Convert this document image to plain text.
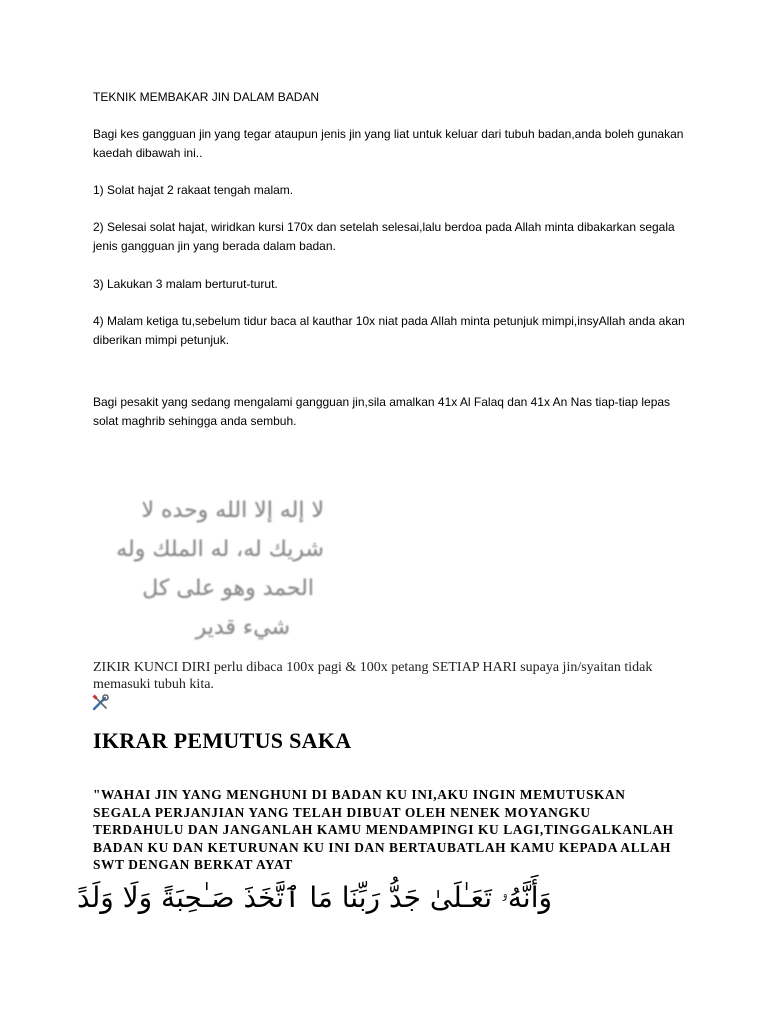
TEKNIK MEMBAKAR JIN DALAM BADAN

Bagi kes gangguan jin yang tegar ataupun jenis jin yang liat untuk keluar dari tubuh badan,anda boleh gunakan kaedah dibawah ini..

1) Solat hajat 2 rakaat tengah malam.

2) Selesai solat hajat, wiridkan kursi 170x dan setelah selesai,lalu berdoa pada Allah minta dibakarkan segala jenis gangguan jin yang berada dalam badan.

3) Lakukan 3 malam berturut-turut.

4) Malam ketiga tu,sebelum tidur baca al kauthar 10x niat pada Allah minta petunjuk mimpi,insyAllah anda akan diberikan mimpi petunjuk.

Bagi pesakit yang sedang mengalami gangguan jin,sila amalkan 41x Al Falaq dan 41x An Nas tiap-tiap lepas solat maghrib sehingga anda sembuh.

لا إله إلا الله وحده لا
شريك له، له الملك وله
الحمد وهو على كل
شيء قدير
ZIKIR KUNCI DIRI perlu dibaca 100x pagi & 100x petang SETIAP HARI supaya jin/syaitan tidak memasuki tubuh kita.
IKRAR PEMUTUS SAKA

"WAHAI JIN YANG MENGHUNI DI BADAN KU INI,AKU INGIN MEMUTUSKAN SEGALA PERJANJIAN YANG TELAH DIBUAT OLEH NENEK MOYANGKU TERDAHULU DAN JANGANLAH KAMU MENDAMPINGI KU LAGI,TINGGALKANLAH BADAN KU DAN KETURUNAN KU INI DAN BERTAUBATLAH KAMU KEPADA ALLAH SWT DENGAN BERKAT AYAT

وَأَنَّهُۥ تَعَـٰلَىٰ جَدُّ رَبِّنَا مَا ٱتَّخَذَ صَـٰحِبَةً وَلَا وَلَدً
